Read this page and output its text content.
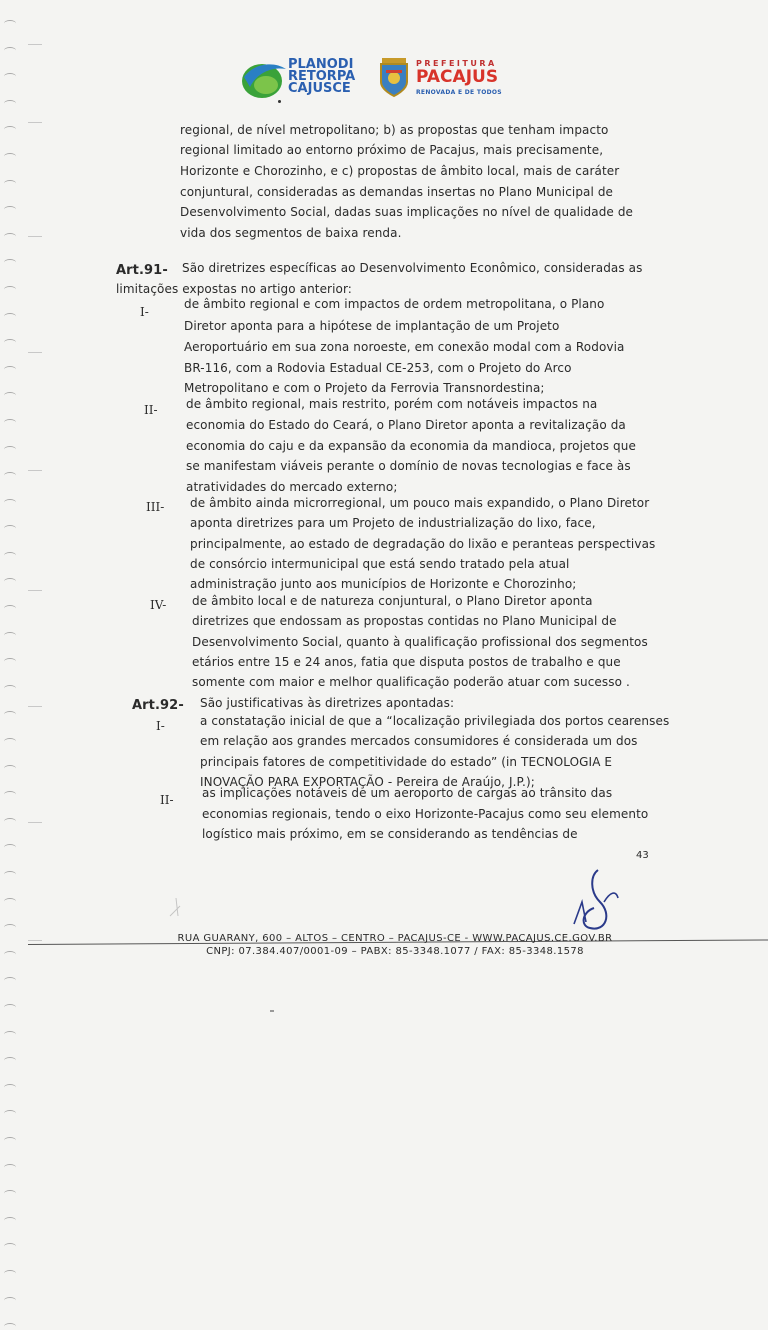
PLANODI
RETORPA
CAJUSCE
PREFEITURA
PACAJUS
RENOVADA E DE TODOS
regional, de nível metropolitano; b) as propostas que tenham impacto
regional limitado ao entorno próximo de Pacajus, mais precisamente,
Horizonte e Chorozinho, e c) propostas de âmbito local, mais de caráter
conjuntural, consideradas as demandas insertas no Plano Municipal de
Desenvolvimento Social, dadas suas implicações no nível de qualidade de
vida dos segmentos de baixa renda.
Art.91- São diretrizes específicas ao Desenvolvimento Econômico, consideradas as
limitações expostas no artigo anterior:
I-
de âmbito regional e com impactos de ordem metropolitana, o Plano
Diretor aponta para a hipótese de implantação de um Projeto
Aeroportuário em sua zona noroeste, em conexão modal com a Rodovia
BR-116, com a Rodovia Estadual CE-253, com o Projeto do Arco
Metropolitano e com o Projeto da Ferrovia Transnordestina;
II- de âmbito regional, mais restrito, porém com notáveis impactos na
economia do Estado do Ceará, o Plano Diretor aponta a revitalização da
economia do caju e da expansão da economia da mandioca, projetos que
se manifestam viáveis perante o domínio de novas tecnologias e face às
atratividades do mercado externo;
III- de âmbito ainda microrregional, um pouco mais expandido, o Plano Diretor
aponta diretrizes para um Projeto de industrialização do lixo, face,
principalmente, ao estado de degradação do lixão e peranteas perspectivas
de consórcio intermunicipal que está sendo tratado pela atual
administração junto aos municípios de Horizonte e Chorozinho;
IV- de âmbito local e de natureza conjuntural, o Plano Diretor aponta
diretrizes que endossam as propostas contidas no Plano Municipal de
Desenvolvimento Social, quanto à qualificação profissional dos segmentos
etários entre 15 e 24 anos, fatia que disputa postos de trabalho e que
somente com maior e melhor qualificação poderão atuar com sucesso .
Art.92- São justificativas às diretrizes apontadas:
I-	a constatação inicial de que a “localização privilegiada dos portos cearenses
em relação aos grandes mercados consumidores é considerada um dos
principais fatores de competitividade do estado” (in TECNOLOGIA E
INOVAÇÃO PARA EXPORTAÇÃO - Pereira de Araújo, J.P.);
II- as implicações notáveis de um aeroporto de cargas ao trânsito das
economias regionais, tendo o eixo Horizonte-Pacajus como seu elemento
logístico mais próximo, em se considerando as tendências de
43
RUA GUARANY, 600 – ALTOS – CENTRO – PACAJUS-CE - WWW.PACAJUS.CE.GOV.BR
CNPJ: 07.384.407/0001-09 – PABX: 85-3348.1077 / FAX: 85-3348.1578
